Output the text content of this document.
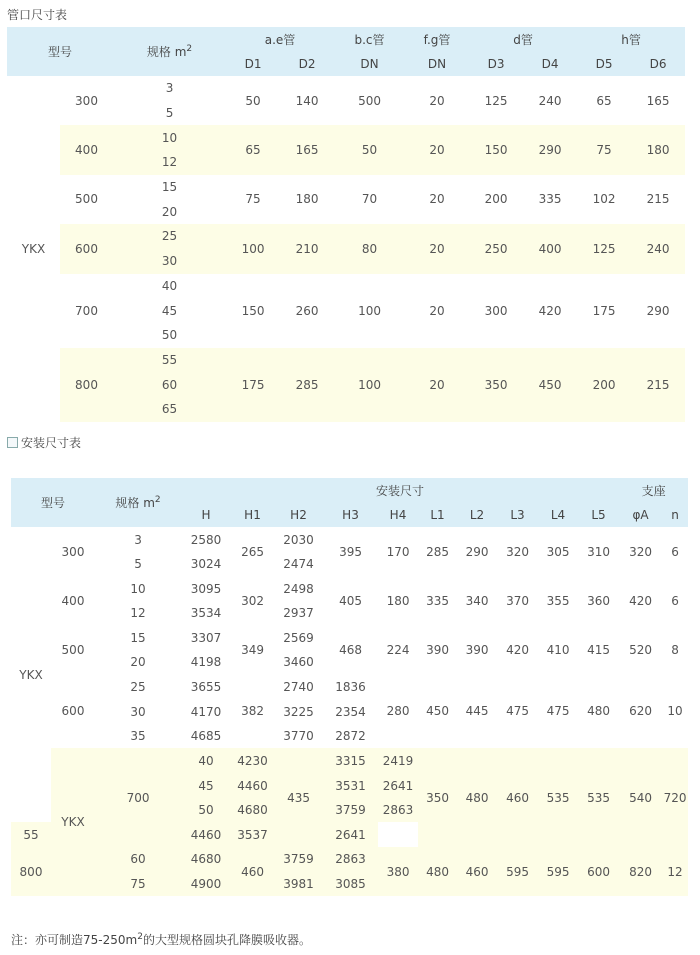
管口尺寸表
型号		规格 $m^2$	a.e管		b.c管	f.g管	d管		h管	
			D1	D2	DN	DN	D3	D4	D5	D6
YKX	300	3	50	140	500	20	125	240	65	165
		5								
	400	10	65	165	50	20	150	290	75	180
		12								
	500	15	75	180	70	20	200	335	102	215
		20								
	600	25	100	210	80	20	250	400	125	240
		30								
	700	40	150	260	100	20	300	420	175	290
		45								
		50								
	800	55	175	285	100	20	350	450	200	215
		60								
		65								
安装尺寸表
型号		规格 $m^2$	安装尺寸										支座		
			H	H1	H2	H3	H4	L1	L2	L3	L4	L5	φA	n	
YKX	300	3	2580	265	2030	395	170	285	290	320	305	310	320	6	
		5	3024		2474										
	400	10	3095	302	2498	405	180	335	340	370	355	360	420	6	
		12	3534		2937										
	500	15	3307	349	2569	468	224	390	390	420	410	415	520	8	
		20	4198		3460										
	600	25	3655	382	2740	1836	280	450	445	475	475	480	620	10	
		30	4170		3225	2354									
		35	4685		3770	2872									
	YKX	700	40	4230	435	3315	2419	350	480	460	535	535	540	720	
			45	4460		3531	2641								
			50	4680		3759	2863								
55			4460	3537		2641									
800		60	4680	460	3759	2863	380	480	460	595	595	600	820	12	
		75	4900		3981	3085									
注：亦可制造$75-250m^2$的大型规格圆块孔降膜吸收器。
